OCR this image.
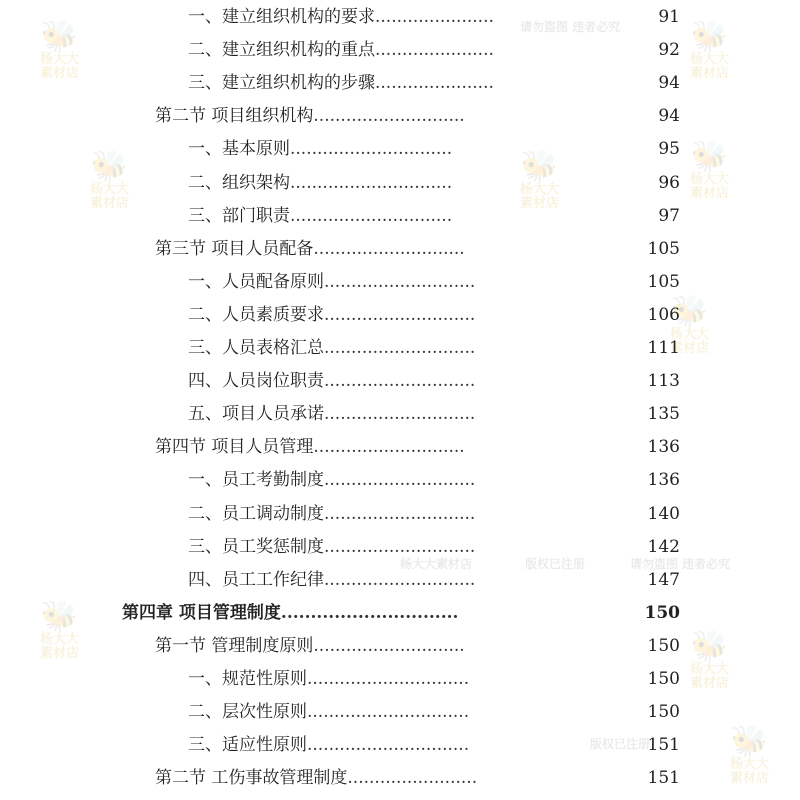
🐝
杨大大
素材店
🐝
杨大大
素材店
🐝
杨大大
素材店
🐝
杨大大
素材店
🐝
杨大大
素材店
🐝
杨大大
素材店
🐝
杨大大
素材店	🐝
杨大大
素材店
🐝
杨大大
素材店
杨大大素材店	版权已注册	请勿盗图 违者必究
请勿盗图 违者必究
版权已注册
一、建立组织机构的要求......................	91
二、建立组织机构的重点......................	92
三、建立组织机构的步骤......................	94
第二节 项目组织机构............................	94
一、基本原则..............................	95
二、组织架构..............................	96
三、部门职责..............................	97
第三节 项目人员配备............................	105
一、人员配备原则............................	105
二、人员素质要求............................	106
三、人员表格汇总............................	111
四、人员岗位职责............................	113
五、项目人员承诺............................	135
第四节 项目人员管理............................	136
一、员工考勤制度............................	136
二、员工调动制度............................	140
三、员工奖惩制度............................	142
四、员工工作纪律............................	147
第四章 项目管理制度..............................	150
第一节 管理制度原则............................	150
一、规范性原则..............................	150
二、层次性原则..............................	150
三、适应性原则..............................	151
第二节 工伤事故管理制度........................	151
